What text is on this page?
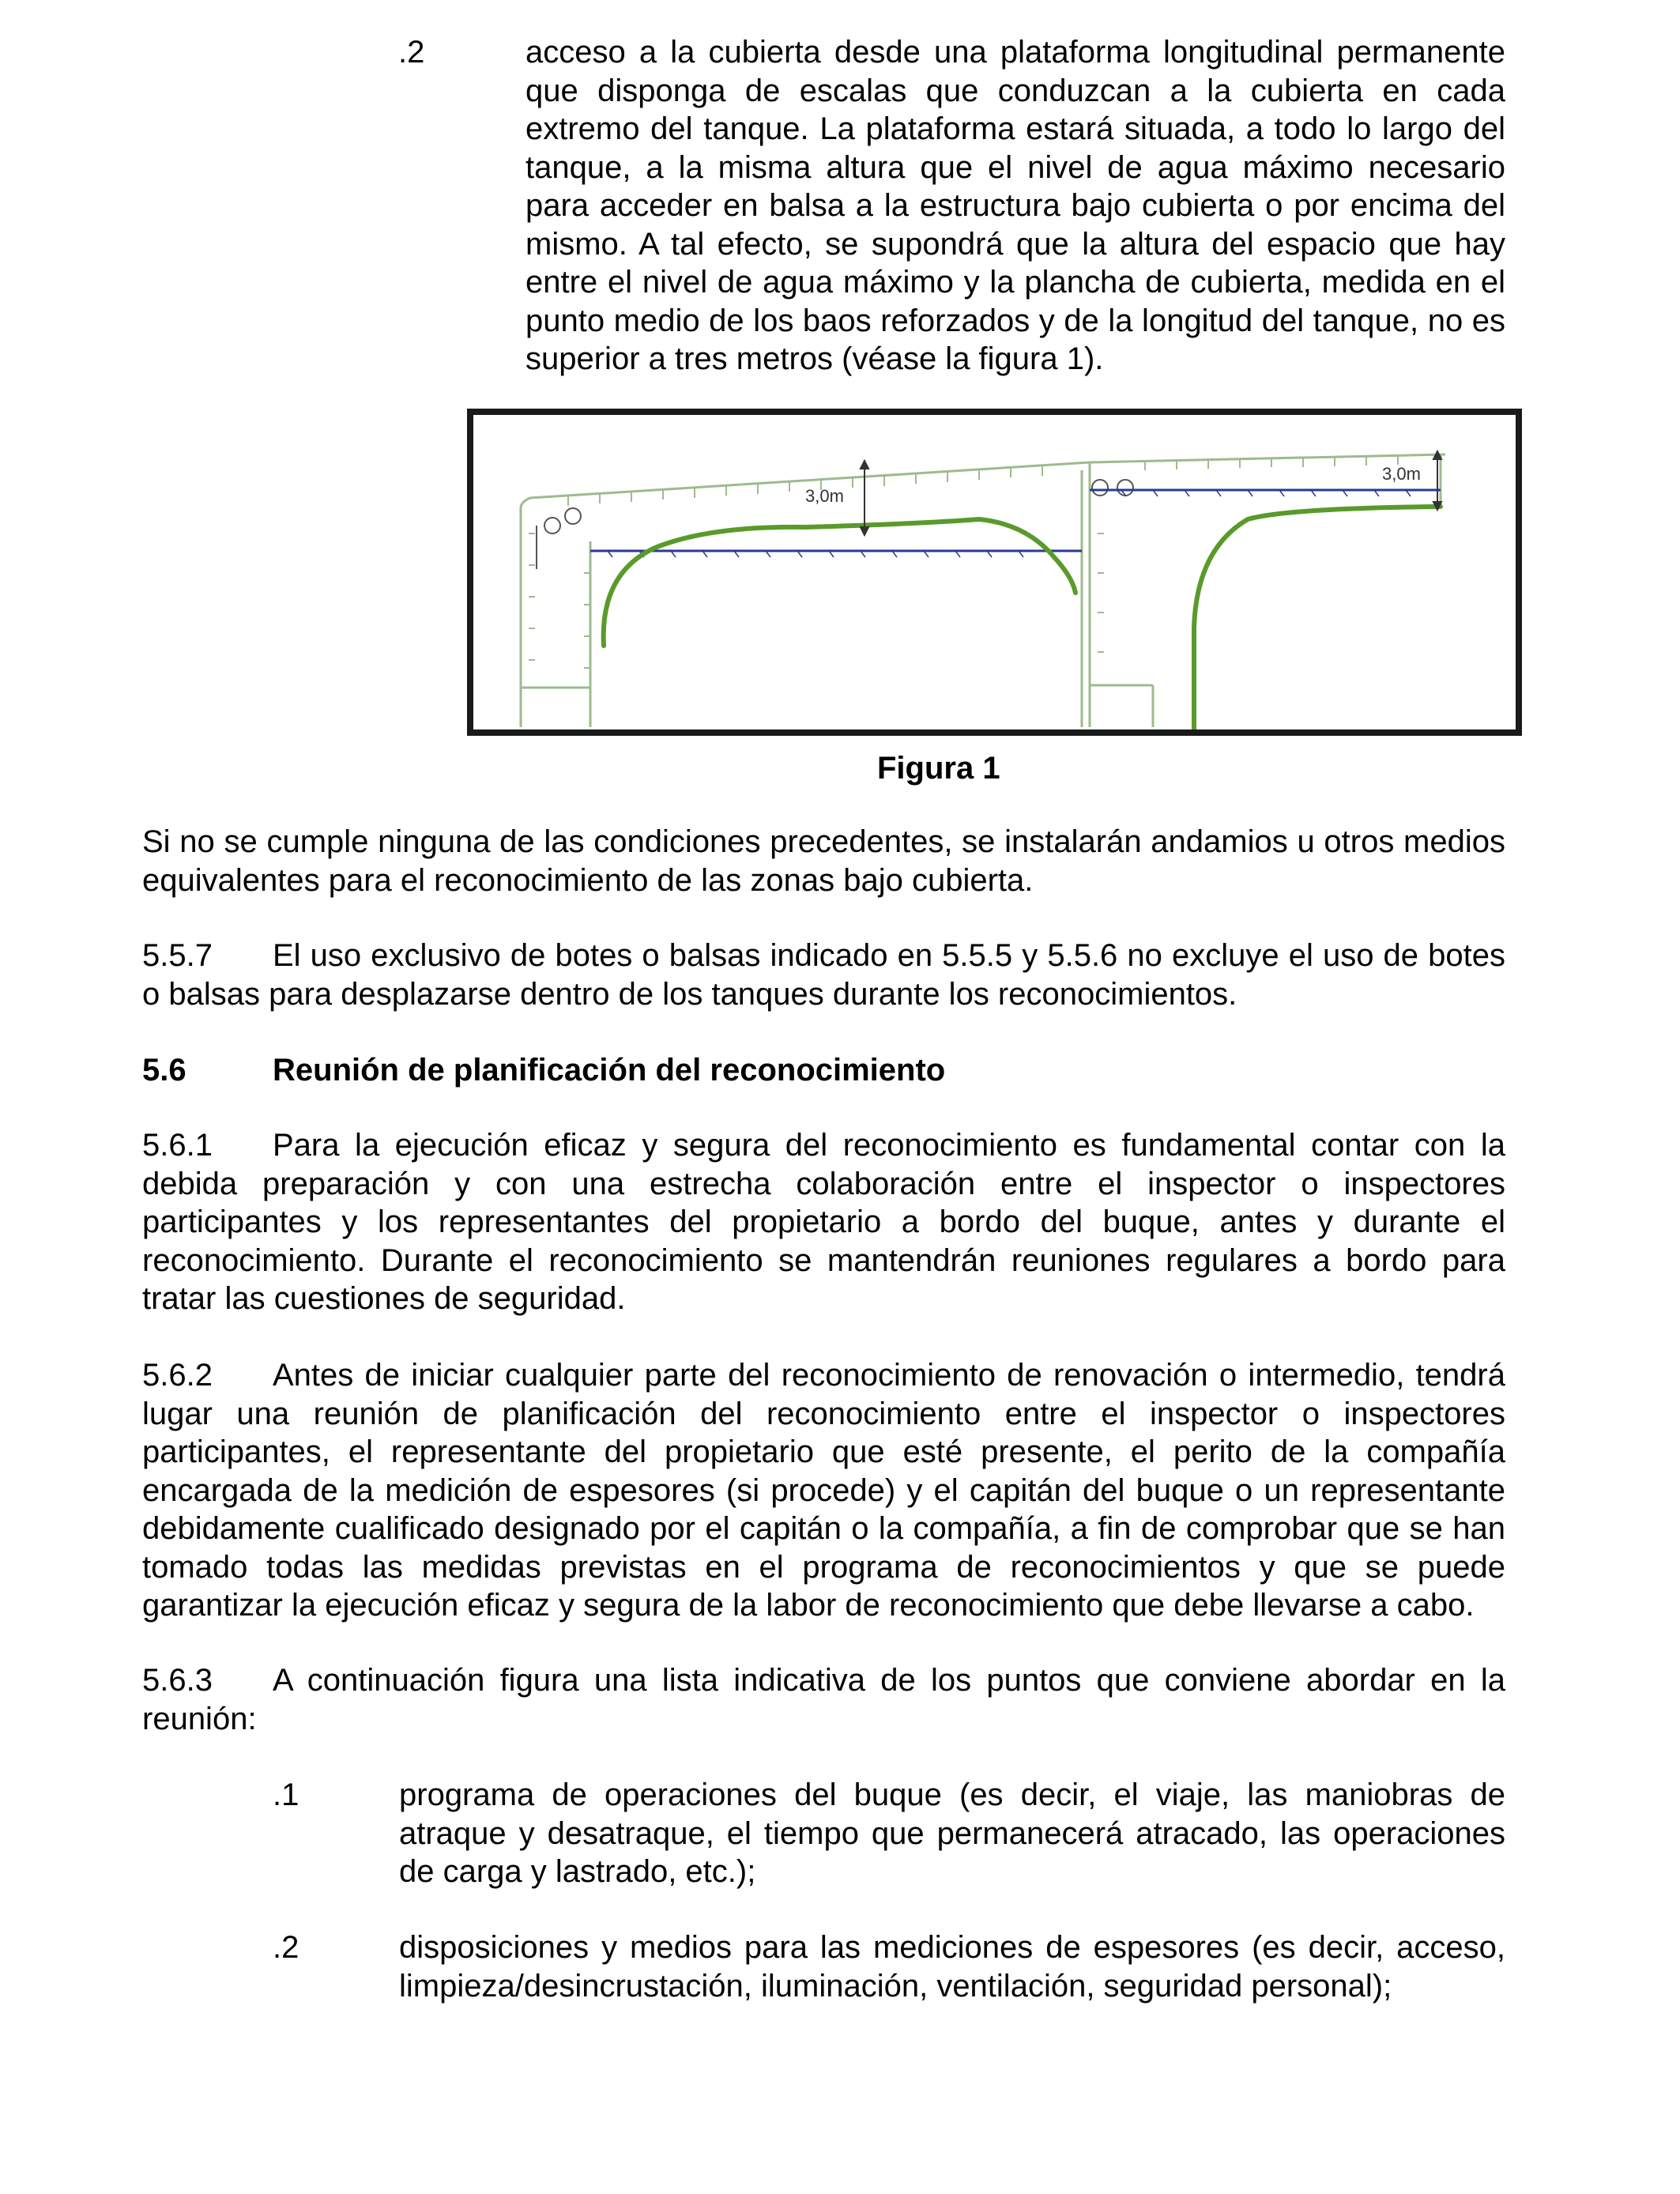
.2	acceso a la cubierta desde una plataforma longitudinal permanente que disponga de escalas que conduzcan a la cubierta en cada extremo del tanque. La plataforma estará situada, a todo lo largo del tanque, a la misma altura que el nivel de agua máximo necesario para acceder en balsa a la estructura bajo cubierta o por encima del mismo. A tal efecto, se supondrá que la altura del espacio que hay entre el nivel de agua máximo y la plancha de cubierta, medida en el punto medio de los baos reforzados y de la longitud del tanque, no es superior a tres metros (véase la figura 1).

3,0m
3,0m
Figura 1

Si no se cumple ninguna de las condiciones precedentes, se instalarán andamios u otros medios equivalentes para el reconocimiento de las zonas bajo cubierta.

5.5.7 El uso exclusivo de botes o balsas indicado en 5.5.5 y 5.5.6 no excluye el uso de botes o balsas para desplazarse dentro de los tanques durante los reconocimientos.

5.6	Reunión de planificación del reconocimiento

5.6.1 Para la ejecución eficaz y segura del reconocimiento es fundamental contar con la debida preparación y con una estrecha colaboración entre el inspector o inspectores participantes y los representantes del propietario a bordo del buque, antes y durante el reconocimiento. Durante el reconocimiento se mantendrán reuniones regulares a bordo para tratar las cuestiones de seguridad.

5.6.2 Antes de iniciar cualquier parte del reconocimiento de renovación o intermedio, tendrá lugar una reunión de planificación del reconocimiento entre el inspector o inspectores participantes, el representante del propietario que esté presente, el perito de la compañía encargada de la medición de espesores (si procede) y el capitán del buque o un representante debidamente cualificado designado por el capitán o la compañía, a fin de comprobar que se han tomado todas las medidas previstas en el programa de reconocimientos y que se puede garantizar la ejecución eficaz y segura de la labor de reconocimiento que debe llevarse a cabo.

5.6.3 A continuación figura una lista indicativa de los puntos que conviene abordar en la reunión:

.1	programa de operaciones del buque (es decir, el viaje, las maniobras de atraque y desatraque, el tiempo que permanecerá atracado, las operaciones de carga y lastrado, etc.);

.2	disposiciones y medios para las mediciones de espesores (es decir, acceso, limpieza/desincrustación, iluminación, ventilación, seguridad personal);
